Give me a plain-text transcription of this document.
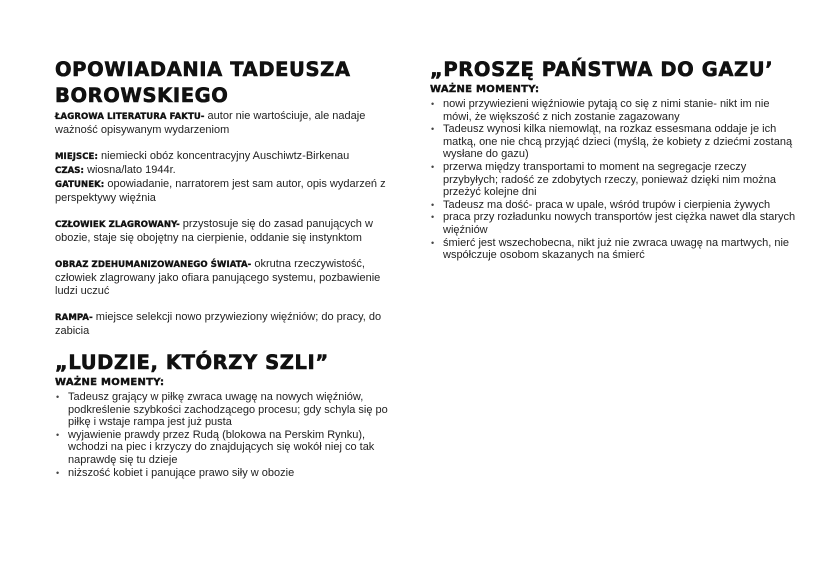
OPOWIADANIA TADEUSZA
BOROWSKIEGO

ŁAGROWA LITERATURA FAKTU- autor nie wartościuje, ale nadaje ważność opisywanym wydarzeniom

MIEJSCE: niemiecki obóz koncentracyjny Auschiwtz-Birkenau

CZAS: wiosna/lato 1944r.

GATUNEK: opowiadanie, narratorem jest sam autor, opis wydarzeń z perspektywy więźnia

CZŁOWIEK ZLAGROWANY- przystosuje się do zasad panujących w obozie, staje się obojętny na cierpienie, oddanie się instynktom

OBRAZ ZDEHUMANIZOWANEGO ŚWIATA- okrutna rzeczywistość, człowiek zlagrowany jako ofiara panującego systemu, pozbawienie ludzi uczuć

RAMPA- miejsce selekcji nowo przywieziony więźniów; do pracy, do zabicia

„LUDZIE, KTÓRZY SZLI”
WAŻNE MOMENTY:
• Tadeusz grający w piłkę zwraca uwagę na nowych więźniów, podkreślenie szybkości zachodzącego procesu; gdy schyla się po piłkę i wstaje rampa jest już pusta
• wyjawienie prawdy przez Rudą (blokowa na Perskim Rynku), wchodzi na piec i krzyczy do znajdujących się wokół niej co tak naprawdę się tu dzieje
• niższość kobiet i panujące prawo siły w obozie
„PROSZĘ PAŃSTWA DO GAZU’
WAŻNE MOMENTY:
• nowi przywiezieni więźniowie pytają co się z nimi stanie- nikt im nie mówi, że większość z nich zostanie zagazowany
• Tadeusz wynosi kilka niemowląt, na rozkaz essesmana oddaje je ich matką, one nie chcą przyjąć dzieci (myślą, że kobiety z dziećmi zostaną wysłane do gazu)
• przerwa między transportami to moment na segregacje rzeczy przybyłych; radość ze zdobytych rzeczy, ponieważ dzięki nim można przeżyć kolejne dni
• Tadeusz ma dość- praca w upale, wśród trupów i cierpienia żywych
• praca przy rozładunku nowych transportów jest ciężka nawet dla starych więźniów
• śmierć jest wszechobecna, nikt już nie zwraca uwagę na martwych, nie współczuje osobom skazanych na śmierć
